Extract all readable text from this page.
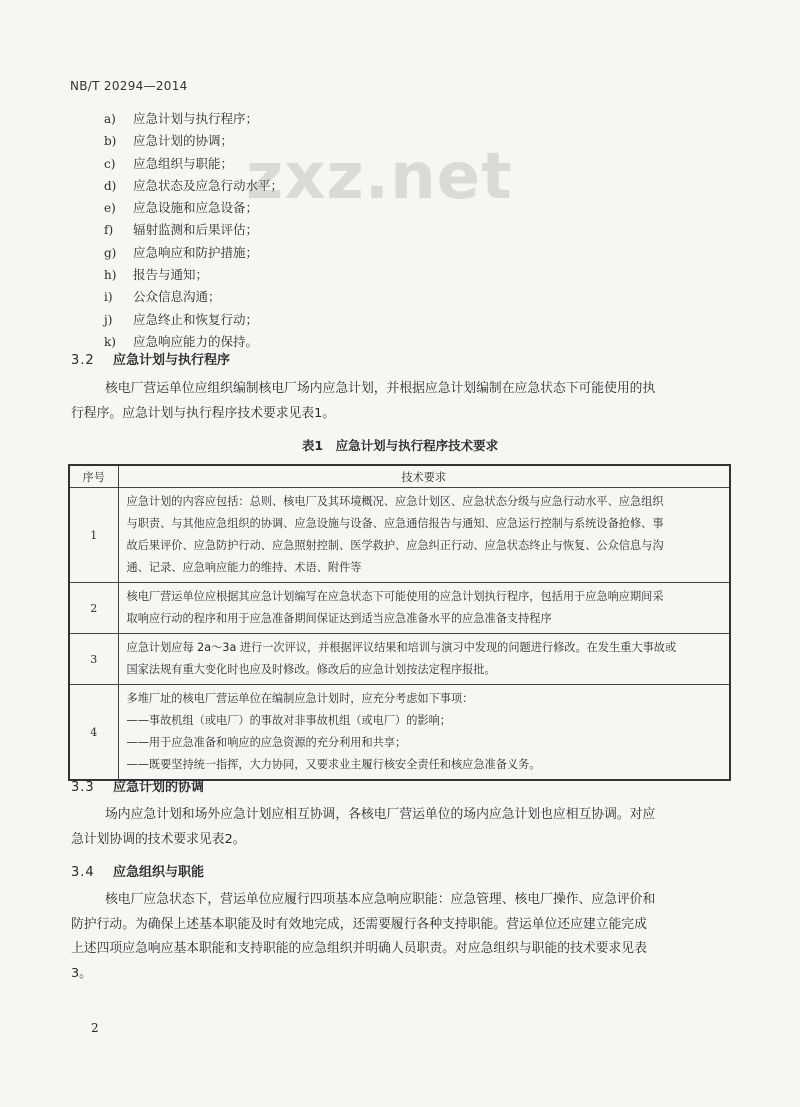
NB/T 20294—2014
a) 应急计划与执行程序；
b) 应急计划的协调；
c) 应急组织与职能；
d) 应急状态及应急行动水平；
e) 应急设施和应急设备；
f) 辐射监测和后果评估；
g) 应急响应和防护措施；
h) 报告与通知；
i) 公众信息沟通；
j) 应急终止和恢复行动；
k) 应急响应能力的保持。
zxz.net
3.2 应急计划与执行程序

核电厂营运单位应组织编制核电厂场内应急计划，并根据应急计划编制在应急状态下可能使用的执
行程序。应急计划与执行程序技术要求见表1。

表1　应急计划与执行程序技术要求
序号	技术要求
1	应急计划的内容应包括：总则、核电厂及其环境概况、应急计划区、应急状态分级与应急行动水平、应急组织
与职责、与其他应急组织的协调、应急设施与设备、应急通信报告与通知、应急运行控制与系统设备抢修、事
故后果评价、应急防护行动、应急照射控制、医学救护、应急纠正行动、应急状态终止与恢复、公众信息与沟
通、记录、应急响应能力的维持、术语、附件等

2	核电厂营运单位应根据其应急计划编写在应急状态下可能使用的应急计划执行程序，包括用于应急响应期间采
取响应行动的程序和用于应急准备期间保证达到适当应急准备水平的应急准备支持程序

3	应急计划应每 2a～3a 进行一次评议，并根据评议结果和培训与演习中发现的问题进行修改。在发生重大事故或
国家法规有重大变化时也应及时修改。修改后的应急计划按法定程序报批。

4	多堆厂址的核电厂营运单位在编制应急计划时，应充分考虑如下事项：
——事故机组（或电厂）的事故对非事故机组（或电厂）的影响；
——用于应急准备和响应的应急资源的充分利用和共享；
——既要坚持统一指挥，大力协同，又要求业主履行核安全责任和核应急准备义务。
3.3 应急计划的协调

场内应急计划和场外应急计划应相互协调，各核电厂营运单位的场内应急计划也应相互协调。对应
急计划协调的技术要求见表2。

3.4 应急组织与职能

核电厂应急状态下，营运单位应履行四项基本应急响应职能：应急管理、核电厂操作、应急评价和
防护行动。为确保上述基本职能及时有效地完成，还需要履行各种支持职能。营运单位还应建立能完成
上述四项应急响应基本职能和支持职能的应急组织并明确人员职责。对应急组织与职能的技术要求见表
3。

2
